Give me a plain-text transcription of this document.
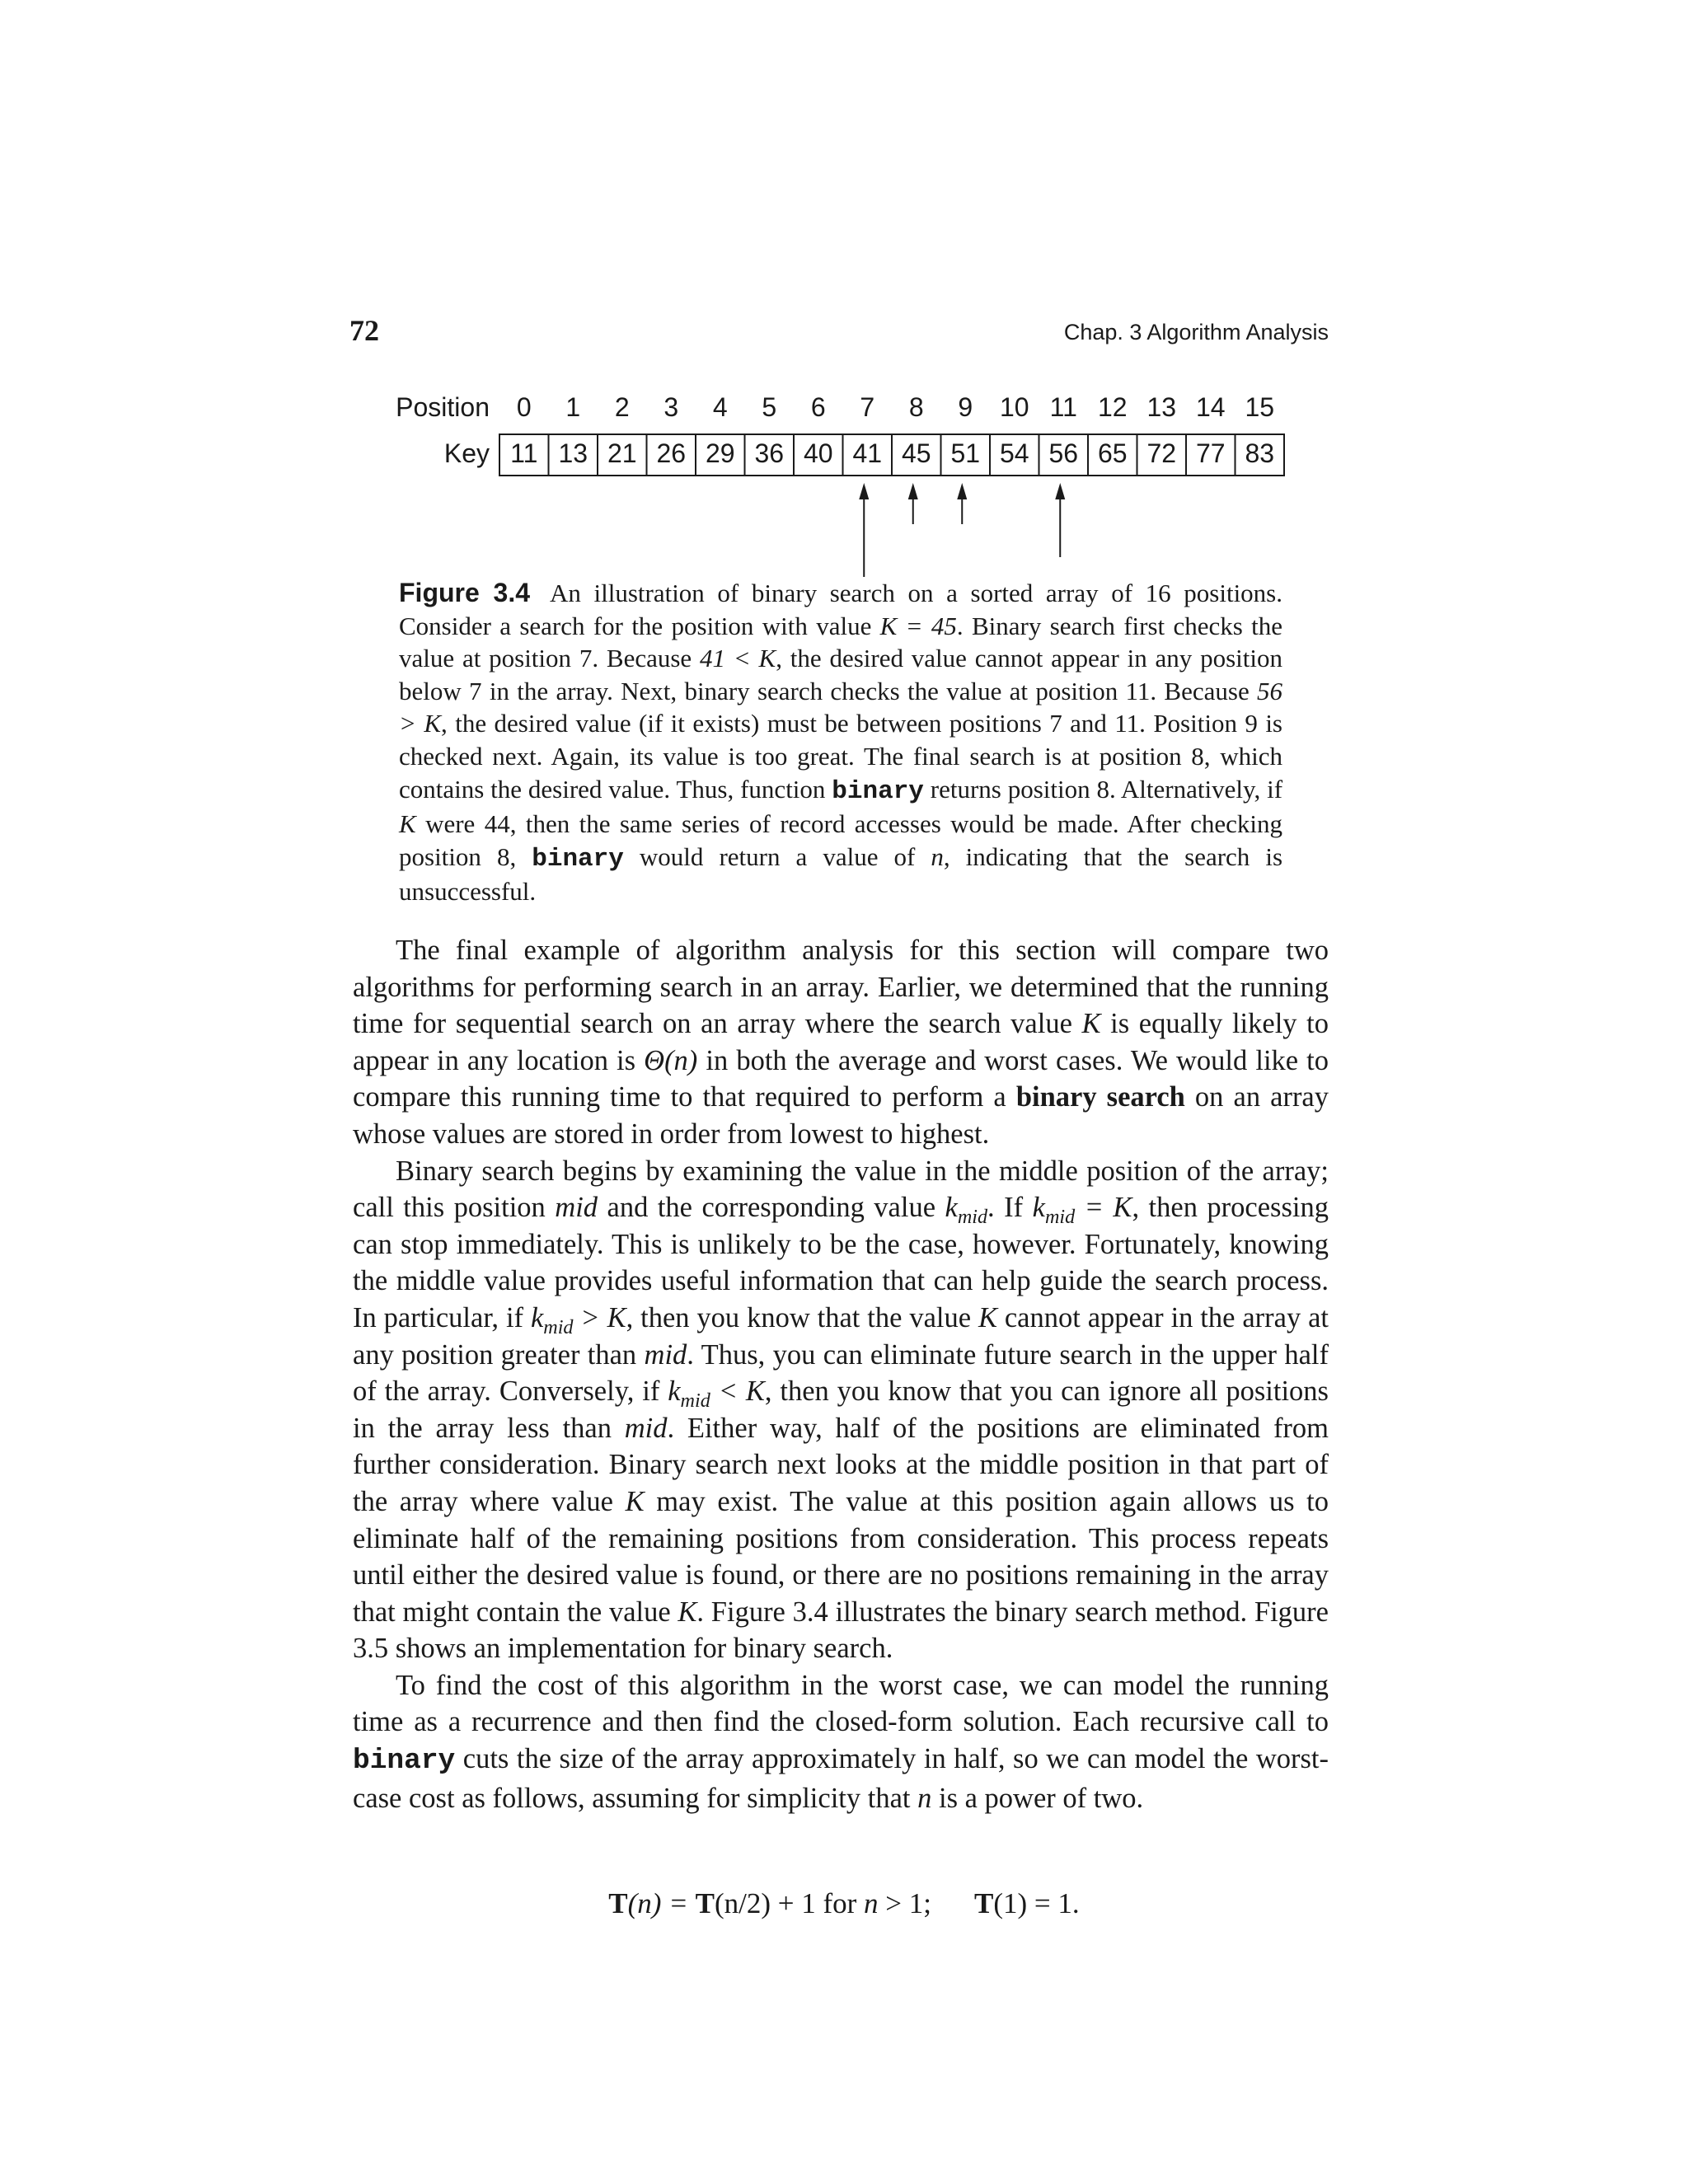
72	Chap. 3 Algorithm Analysis
Position
Key
0 1 2 3 4 5 6 7 8 9 10 11 12 13 14 15
11 13 21 26 29 36 40 41 45 51 54 56 65 72 77 83
Figure 3.4 An illustration of binary search on a sorted array of 16 positions. Consider a search for the position with value K = 45. Binary search first checks the value at position 7. Because 41 < K, the desired value cannot appear in any position below 7 in the array. Next, binary search checks the value at position 11. Because 56 > K, the desired value (if it exists) must be between positions 7 and 11. Position 9 is checked next. Again, its value is too great. The final search is at position 8, which contains the desired value. Thus, function binary returns position 8. Alternatively, if K were 44, then the same series of record accesses would be made. After checking position 8, binary would return a value of n, indicating that the search is unsuccessful.

The final example of algorithm analysis for this section will compare two algorithms for performing search in an array. Earlier, we determined that the running time for sequential search on an array where the search value K is equally likely to appear in any location is Θ(n) in both the average and worst cases. We would like to compare this running time to that required to perform a binary search on an array whose values are stored in order from lowest to highest.

Binary search begins by examining the value in the middle position of the array; call this position mid and the corresponding value $k_{mid}$. If $k_{mid} = K$, then processing can stop immediately. This is unlikely to be the case, however. Fortunately, knowing the middle value provides useful information that can help guide the search process. In particular, if $k_{mid} > K$, then you know that the value K cannot appear in the array at any position greater than mid. Thus, you can eliminate future search in the upper half of the array. Conversely, if $k_{mid} < K$, then you know that you can ignore all positions in the array less than mid. Either way, half of the positions are eliminated from further consideration. Binary search next looks at the middle position in that part of the array where value K may exist. The value at this position again allows us to eliminate half of the remaining positions from consideration. This process repeats until either the desired value is found, or there are no positions remaining in the array that might contain the value K. Figure 3.4 illustrates the binary search method. Figure 3.5 shows an implementation for binary search.

To find the cost of this algorithm in the worst case, we can model the running time as a recurrence and then find the closed-form solution. Each recursive call to binary cuts the size of the array approximately in half, so we can model the worst-case cost as follows, assuming for simplicity that n is a power of two.

T(n) = T(n/2) + 1 for n > 1; T(1) = 1.
